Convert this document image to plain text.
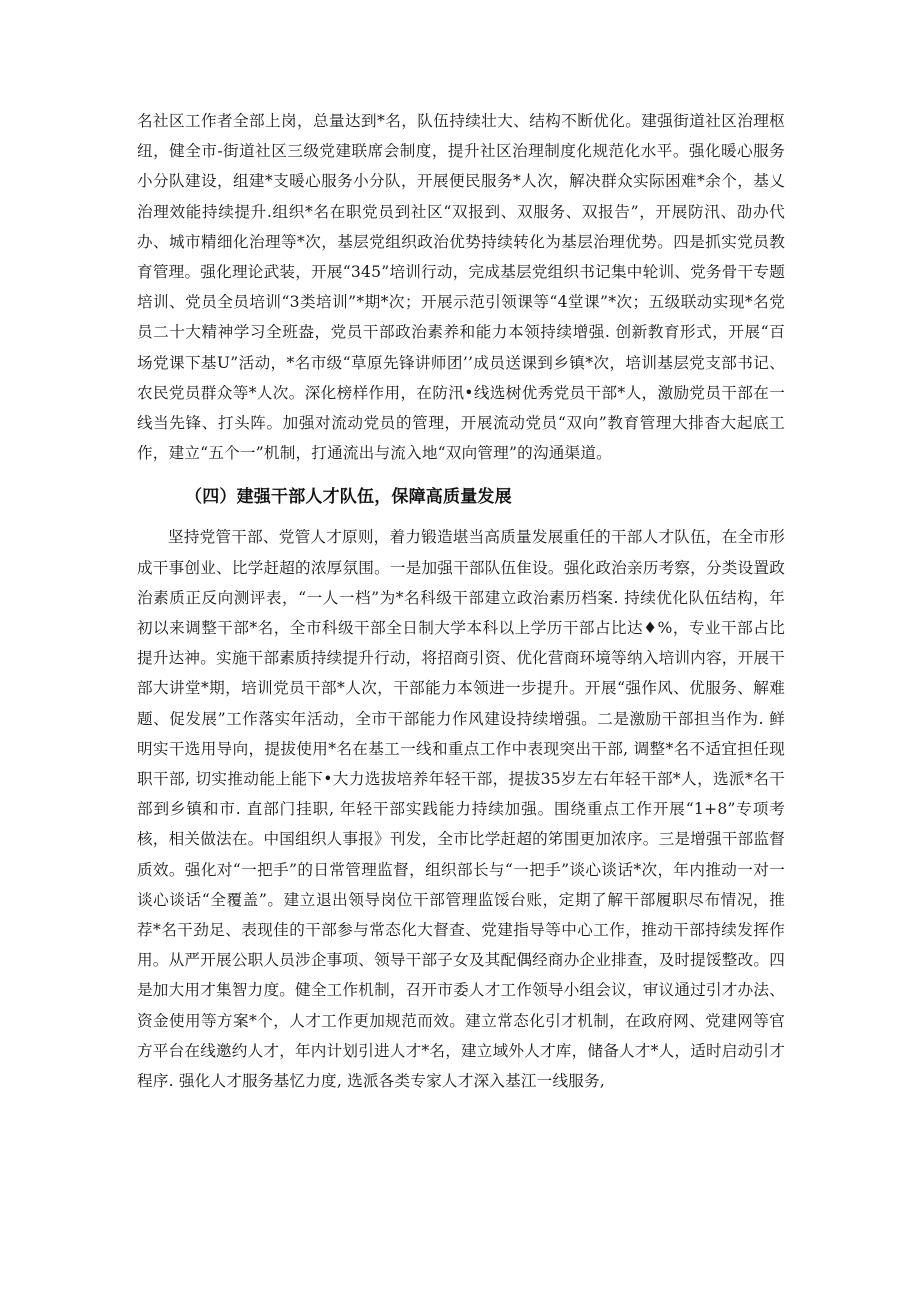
名社区工作者全部上岗，总量达到*名，队伍持续壮大、结构不断优化。建强街道社区治理枢纽，健全市-街道社区三级党建联席会制度，提升社区治理制度化规范化水平。强化暖心服务小分队建设，组建*支暖心服务小分队，开展便民服务*人次，解决群众实际困难*余个，基乂治理效能持续提升.组织*名在职党员到社区“双报到、双服务、双报告”，开展防汛、劭办代办、城市精细化治理等*次，基层党组织政治优势持续转化为基层治理优势。四是抓实党员教育管理。强化理论武装，开展“345”培训行动，完成基层党组织书记集中轮训、党务骨干专题培训、党员全员培训“3类培训”*期*次；开展示范引领课等“4堂课”*次；五级联动实现*名党员二十大精神学习全班盎，党员干部政治素养和能力本领持续增强. 创新教育形式，开展“百场党课下基U”活动，*名市级“草原先锋讲师团’’成员送课到乡镇*次，培训基层党支部书记、农民党员群众等*人次。深化榜样作用，在防汛•线选树优秀党员干部*人，激励党员干部在一线当先锋、打头阵。加强对流动党员的管理，开展流动党员“双向”教育管理大排杳大起底工作，建立“五个一”机制，打通流出与流入地“双向管理”的沟通渠道。

（四）建强干部人才队伍，保障高质量发展

坚持党管干部、党管人才原则，着力锻造堪当高质量发展重任的干部人才队伍，在全市形成干事创业、比学赶超的浓厚氛围。一是加强干部队伍隹设。强化政治亲历考察，分类设置政治素质正反向测评表，“一人一档”为*名科级干部建立政治素历档案. 持续优化队伍结构，年初以来调整干部*名，全市科级干部全日制大学本科以上学历干部占比达♦%，专业干部占比提升达神。实施干部素质持续提升行动，将招商引资、优化营商环境等纳入培训内容，开展干部大讲堂*期，培训党员干部*人次，干部能力本领进一步提升。开展“强作风、优服务、解难题、促发展”工作落实年活动，全市干部能力作风建设持续增强。二是激励干部担当作为. 鲜明实干选用导向，提拔使用*名在基工一线和重点工作中表现突出干部, 调整*名不适宜担任现职干部, 切实推动能上能下•大力选拔培养年轻干部，提拔35岁左右年轻干部*人，选派*名干部到乡镇和市. 直部门挂职, 年轻干部实践能力持续加强。围绕重点工作开展“1+8”专项考核，相关做法在。中国组织人事报》刊发，全市比学赶超的笫围更加浓序。三是增强干部监督质效。强化对“一把手”的日常管理监督，组织部长与“一把手”谈心谈话*次，年内推动一对一谈心谈话“全覆盖”。建立退出领导岗位干部管理监馁台账，定期了解干部履职尽布情况，推荐*名干劲足、表现佳的干部参与常态化大督查、党建指导等中心工作，推动干部持续发挥作用。从严开展公职人员涉企事项、领导干部子女及其配偶经商办企业排查，及时提馁整改。四是加大用才集智力度。健全工作机制，召开市委人才工作领导小组会议，审议通过引才办法、资金使用等方案*个，人才工作更加规范而效。建立常态化引才机制，在政府网、党建网等官方平台在线邀约人才，年内计划引进人才*名，建立域外人才库，储备人才*人，适时启动引才程序. 强化人才服务基忆力度, 选派各类专家人才深入基江一线服务,
